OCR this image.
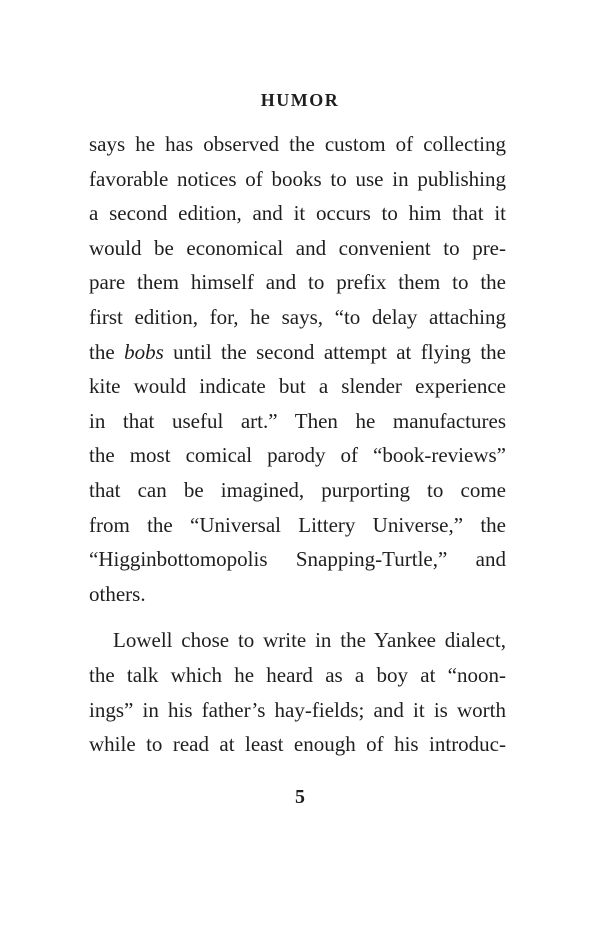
HUMOR
says he has observed the custom of collecting
favorable notices of books to use in publishing
a second edition, and it occurs to him that it
would be economical and convenient to pre-
pare them himself and to prefix them to the
first edition, for, he says, “to delay attaching
the bobs until the second attempt at flying the
kite would indicate but a slender experience
in that useful art.” Then he manufactures
the most comical parody of “book-reviews”
that can be imagined, purporting to come
from the “Universal Littery Universe,” the
“Higginbottomopolis Snapping-Turtle,” and
others.
Lowell chose to write in the Yankee dialect,
the talk which he heard as a boy at “noon-
ings” in his father’s hay-fields; and it is worth
while to read at least enough of his introduc-
5
